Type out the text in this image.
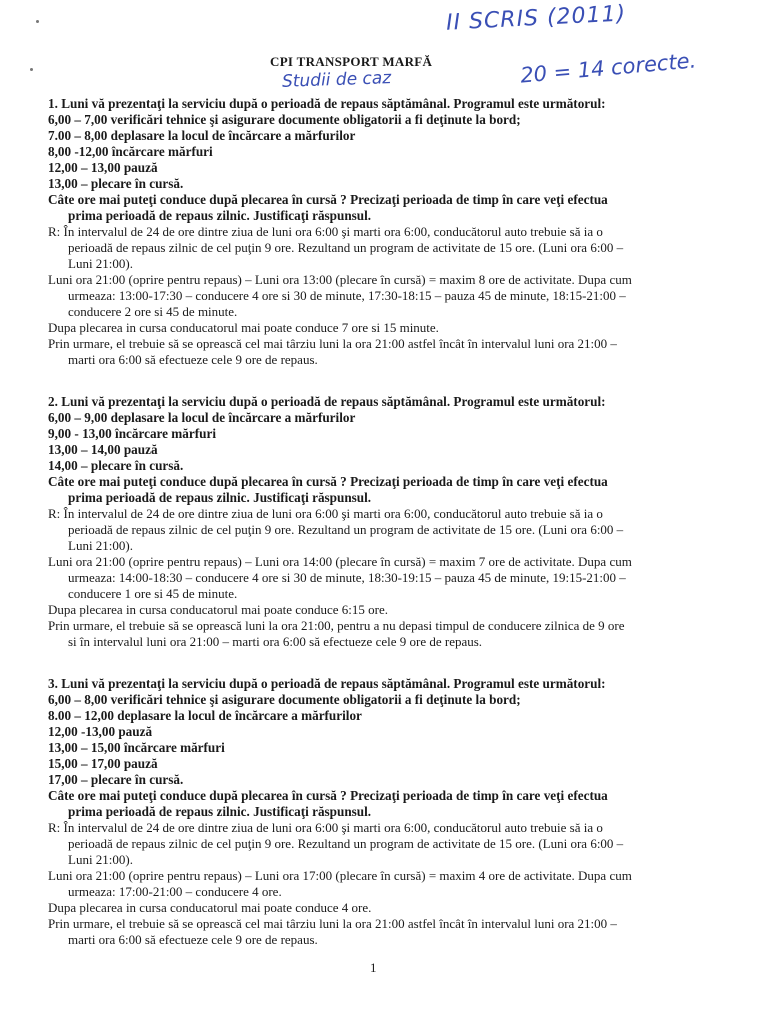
II SCRIS (2011)
CPI TRANSPORT MARFĂ	20 = 14 corecte.
Studii de caz
1. Luni vă prezentaţi la serviciu după o perioadă de repaus săptămânal. Programul este următorul:
6,00 – 7,00 verificări tehnice şi asigurare documente obligatorii a fi deţinute la bord;
7.00 – 8,00 deplasare la locul de încărcare a mărfurilor
8,00 -12,00 încărcare mărfuri
12,00 – 13,00 pauză
13,00 – plecare în cursă.
Câte ore mai puteţi conduce după plecarea în cursă ? Precizaţi perioada de timp în care veţi efectua
prima perioadă de repaus zilnic. Justificaţi răspunsul.
R: În intervalul de 24 de ore dintre ziua de luni ora 6:00 şi marti ora 6:00, conducătorul auto trebuie să ia o
perioadă de repaus zilnic de cel puţin 9 ore. Rezultand un program de activitate de 15 ore. (Luni ora 6:00 –
Luni 21:00).
Luni ora 21:00 (oprire pentru repaus) – Luni ora 13:00 (plecare în cursă) = maxim 8 ore de activitate. Dupa cum
urmeaza: 13:00-17:30 – conducere 4 ore si 30 de minute, 17:30-18:15 – pauza 45 de minute, 18:15-21:00 –
conducere 2 ore si 45 de minute.
Dupa plecarea in cursa conducatorul mai poate conduce 7 ore si 15 minute.
Prin urmare, el trebuie să se oprească cel mai târziu luni la ora 21:00 astfel încât în intervalul luni ora 21:00 –
marti ora 6:00 să efectueze cele 9 ore de repaus.
2. Luni vă prezentaţi la serviciu după o perioadă de repaus săptămânal. Programul este următorul:
6,00 – 9,00 deplasare la locul de încărcare a mărfurilor
9,00 - 13,00 încărcare mărfuri
13,00 – 14,00 pauză
14,00 – plecare în cursă.
Câte ore mai puteţi conduce după plecarea în cursă ? Precizaţi perioada de timp în care veţi efectua
prima perioadă de repaus zilnic. Justificaţi răspunsul.
R: În intervalul de 24 de ore dintre ziua de luni ora 6:00 şi marti ora 6:00, conducătorul auto trebuie să ia o
perioadă de repaus zilnic de cel puţin 9 ore. Rezultand un program de activitate de 15 ore. (Luni ora 6:00 –
Luni 21:00).
Luni ora 21:00 (oprire pentru repaus) – Luni ora 14:00 (plecare în cursă) = maxim 7 ore de activitate. Dupa cum
urmeaza: 14:00-18:30 – conducere 4 ore si 30 de minute, 18:30-19:15 – pauza 45 de minute, 19:15-21:00 –
conducere 1 ore si 45 de minute.
Dupa plecarea in cursa conducatorul mai poate conduce 6:15 ore.
Prin urmare, el trebuie să se oprească luni la ora 21:00, pentru a nu depasi timpul de conducere zilnica de 9 ore
si în intervalul luni ora 21:00 – marti ora 6:00 să efectueze cele 9 ore de repaus.
3. Luni vă prezentaţi la serviciu după o perioadă de repaus săptămânal. Programul este următorul:
6,00 – 8,00 verificări tehnice şi asigurare documente obligatorii a fi deţinute la bord;
8.00 – 12,00 deplasare la locul de încărcare a mărfurilor
12,00 -13,00 pauză
13,00 – 15,00 încărcare mărfuri
15,00 – 17,00 pauză
17,00 – plecare în cursă.
Câte ore mai puteţi conduce după plecarea în cursă ? Precizaţi perioada de timp în care veţi efectua
prima perioadă de repaus zilnic. Justificaţi răspunsul.
R: În intervalul de 24 de ore dintre ziua de luni ora 6:00 şi marti ora 6:00, conducătorul auto trebuie să ia o
perioadă de repaus zilnic de cel puţin 9 ore. Rezultand un program de activitate de 15 ore. (Luni ora 6:00 –
Luni 21:00).
Luni ora 21:00 (oprire pentru repaus) – Luni ora 17:00 (plecare în cursă) = maxim 4 ore de activitate. Dupa cum
urmeaza: 17:00-21:00 – conducere 4 ore.
Dupa plecarea in cursa conducatorul mai poate conduce 4 ore.
Prin urmare, el trebuie să se oprească cel mai târziu luni la ora 21:00 astfel încât în intervalul luni ora 21:00 –
marti ora 6:00 să efectueze cele 9 ore de repaus.
1
